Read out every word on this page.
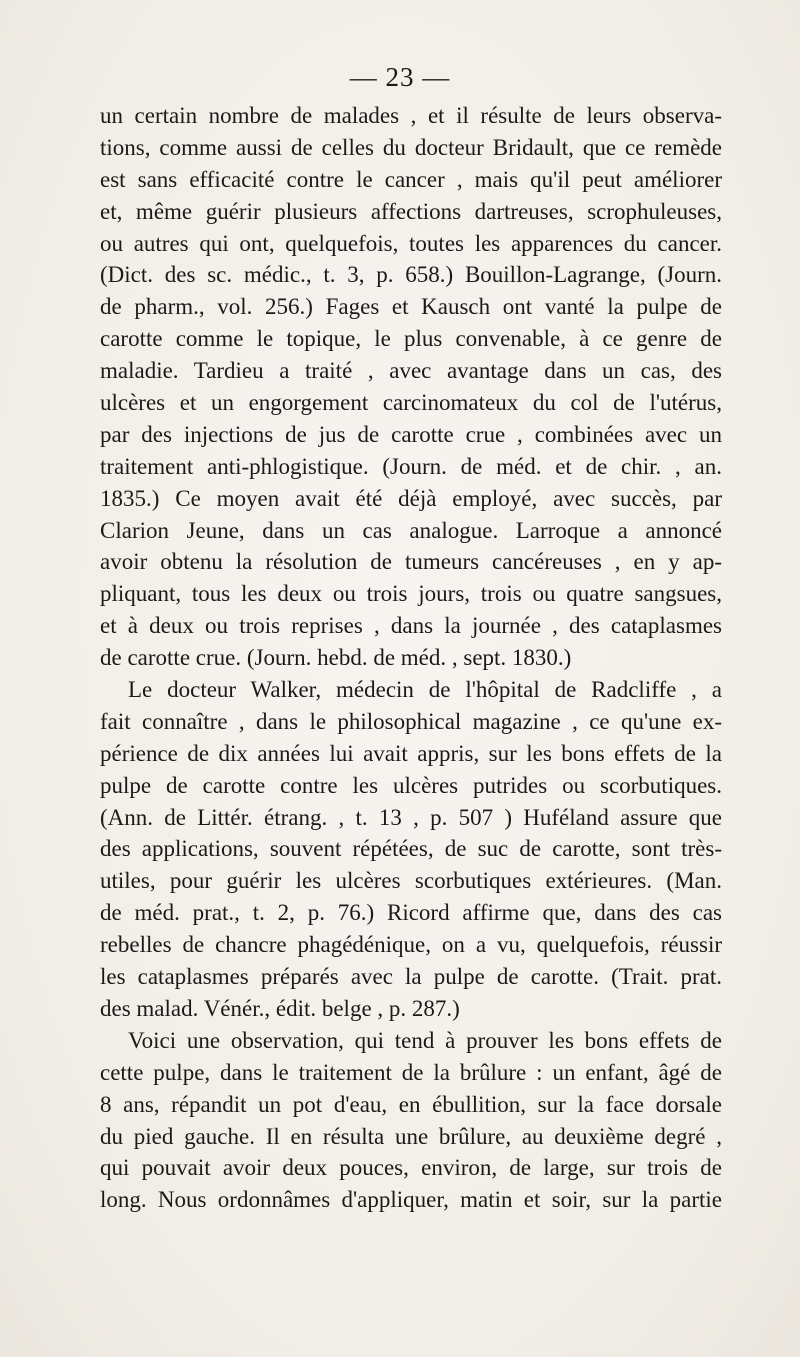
— 23 —
un certain nombre de malades , et il résulte de leurs observa-
tions, comme aussi de celles du docteur Bridault, que ce remède
est sans efficacité contre le cancer , mais qu'il peut améliorer
et, même guérir plusieurs affections dartreuses, scrophuleuses,
ou autres qui ont, quelquefois, toutes les apparences du cancer.
(Dict. des sc. médic., t. 3, p. 658.) Bouillon-Lagrange, (Journ.
de pharm., vol. 256.) Fages et Kausch ont vanté la pulpe de
carotte comme le topique, le plus convenable, à ce genre de
maladie. Tardieu a traité , avec avantage dans un cas, des
ulcères et un engorgement carcinomateux du col de l'utérus,
par des injections de jus de carotte crue , combinées avec un
traitement anti-phlogistique. (Journ. de méd. et de chir. , an.
1835.) Ce moyen avait été déjà employé, avec succès, par
Clarion Jeune, dans un cas analogue. Larroque a annoncé
avoir obtenu la résolution de tumeurs cancéreuses , en y ap-
pliquant, tous les deux ou trois jours, trois ou quatre sangsues,
et à deux ou trois reprises , dans la journée , des cataplasmes
de carotte crue. (Journ. hebd. de méd. , sept. 1830.)
Le docteur Walker, médecin de l'hôpital de Radcliffe , a
fait connaître , dans le philosophical magazine , ce qu'une ex-
périence de dix années lui avait appris, sur les bons effets de la
pulpe de carotte contre les ulcères putrides ou scorbutiques.
(Ann. de Littér. étrang. , t. 13 , p. 507 ) Huféland assure que
des applications, souvent répétées, de suc de carotte, sont très-
utiles, pour guérir les ulcères scorbutiques extérieures. (Man.
de méd. prat., t. 2, p. 76.) Ricord affirme que, dans des cas
rebelles de chancre phagédénique, on a vu, quelquefois, réussir
les cataplasmes préparés avec la pulpe de carotte. (Trait. prat.
des malad. Vénér., édit. belge , p. 287.)
Voici une observation, qui tend à prouver les bons effets de
cette pulpe, dans le traitement de la brûlure : un enfant, âgé de
8 ans, répandit un pot d'eau, en ébullition, sur la face dorsale
du pied gauche. Il en résulta une brûlure, au deuxième degré ,
qui pouvait avoir deux pouces, environ, de large, sur trois de
long. Nous ordonnâmes d'appliquer, matin et soir, sur la partie
